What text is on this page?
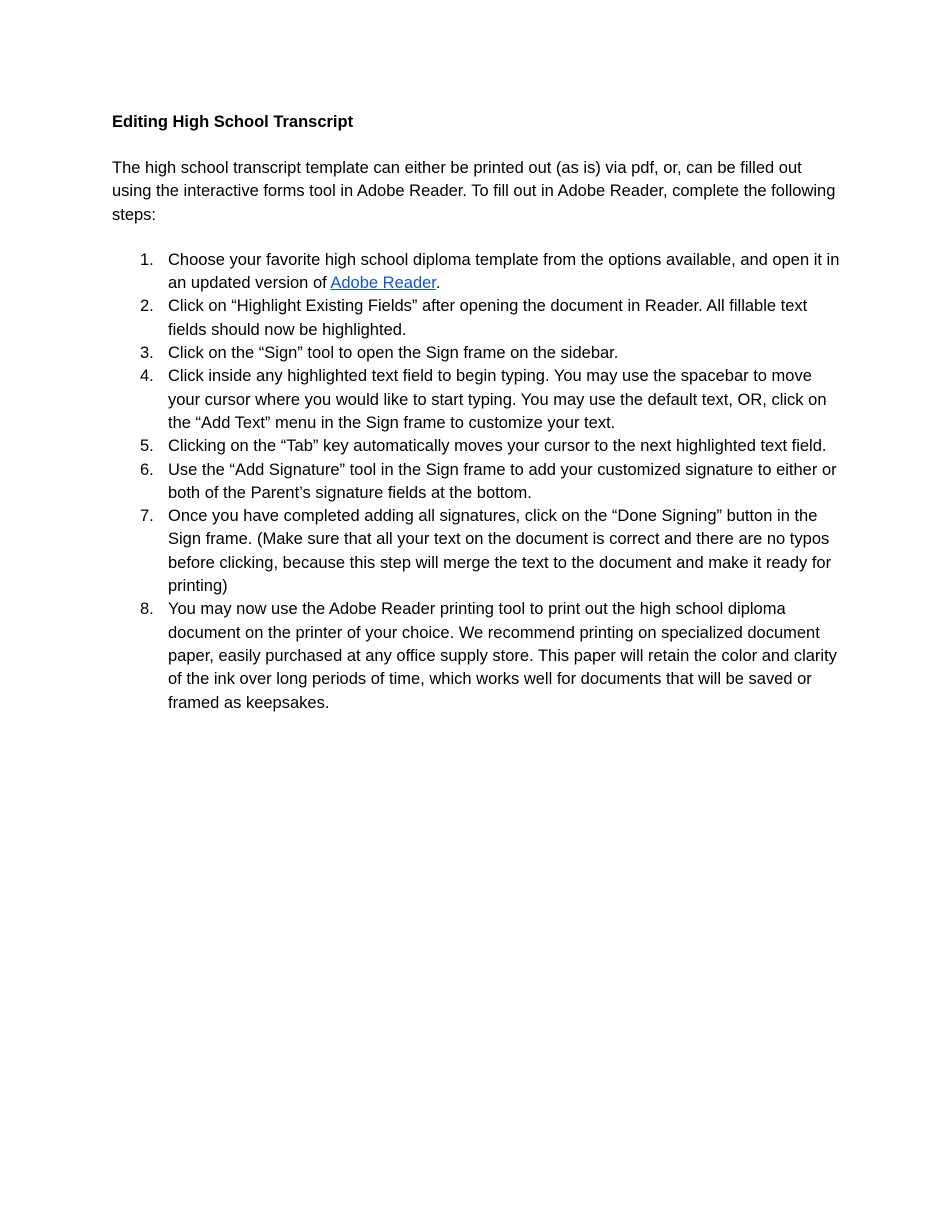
Editing High School Transcript

The high school transcript template can either be printed out (as is) via pdf, or, can be filled out using the interactive forms tool in Adobe Reader. To fill out in Adobe Reader, complete the following steps:

1. Choose your favorite high school diploma template from the options available, and open it in an updated version of Adobe Reader.
2. Click on “Highlight Existing Fields” after opening the document in Reader. All fillable text fields should now be highlighted.
3. Click on the “Sign” tool to open the Sign frame on the sidebar.
4. Click inside any highlighted text field to begin typing. You may use the spacebar to move your cursor where you would like to start typing. You may use the default text, OR, click on the “Add Text” menu in the Sign frame to customize your text.
5. Clicking on the “Tab” key automatically moves your cursor to the next highlighted text field.
6. Use the “Add Signature” tool in the Sign frame to add your customized signature to either or both of the Parent’s signature fields at the bottom.
7. Once you have completed adding all signatures, click on the “Done Signing” button in the Sign frame. (Make sure that all your text on the document is correct and there are no typos before clicking, because this step will merge the text to the document and make it ready for printing)
8. You may now use the Adobe Reader printing tool to print out the high school diploma document on the printer of your choice. We recommend printing on specialized document paper, easily purchased at any office supply store. This paper will retain the color and clarity of the ink over long periods of time, which works well for documents that will be saved or framed as keepsakes.
